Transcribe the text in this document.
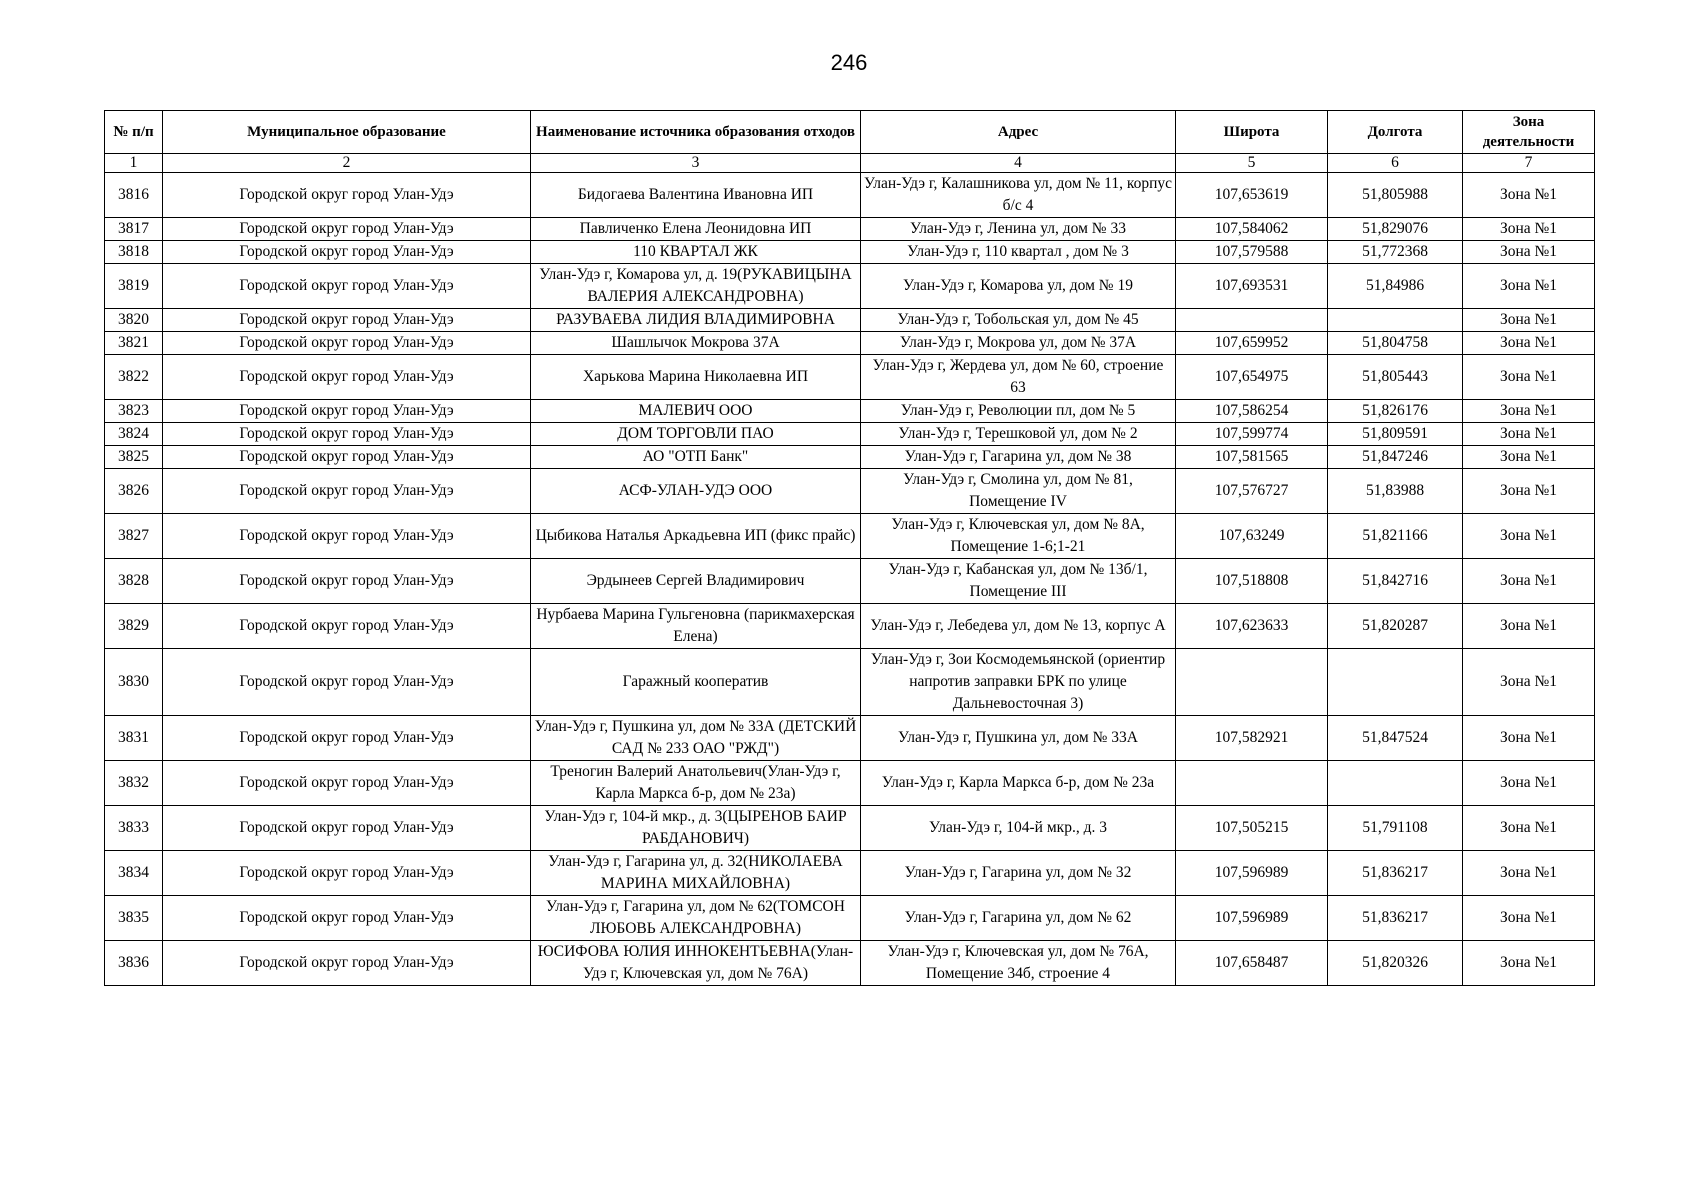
246
№ п/п	Муниципальное образование	Наименование источника образования отходов	Адрес	Широта	Долгота	Зона деятельности
1	2	3	4	5	6	7
3816	Городской округ город Улан-Удэ	Бидогаева Валентина Ивановна ИП	Улан-Удэ г, Калашникова ул, дом № 11, корпус б/с 4	107,653619	51,805988	Зона №1
3817	Городской округ город Улан-Удэ	Павличенко Елена Леонидовна ИП	Улан-Удэ г, Ленина ул, дом № 33	107,584062	51,829076	Зона №1
3818	Городской округ город Улан-Удэ	110 КВАРТАЛ ЖК	Улан-Удэ г, 110 квартал , дом № 3	107,579588	51,772368	Зона №1
3819	Городской округ город Улан-Удэ	Улан-Удэ г, Комарова ул, д. 19(РУКАВИЦЫНА ВАЛЕРИЯ АЛЕКСАНДРОВНА)	Улан-Удэ г, Комарова ул, дом № 19	107,693531	51,84986	Зона №1
3820	Городской округ город Улан-Удэ	РАЗУВАЕВА ЛИДИЯ ВЛАДИМИРОВНА	Улан-Удэ г, Тобольская ул, дом № 45			Зона №1
3821	Городской округ город Улан-Удэ	Шашлычок Мокрова 37А	Улан-Удэ г, Мокрова ул, дом № 37А	107,659952	51,804758	Зона №1
3822	Городской округ город Улан-Удэ	Харькова Марина Николаевна ИП	Улан-Удэ г, Жердева ул, дом № 60, строение 63	107,654975	51,805443	Зона №1
3823	Городской округ город Улан-Удэ	МАЛЕВИЧ ООО	Улан-Удэ г, Революции пл, дом № 5	107,586254	51,826176	Зона №1
3824	Городской округ город Улан-Удэ	ДОМ ТОРГОВЛИ ПАО	Улан-Удэ г, Терешковой ул, дом № 2	107,599774	51,809591	Зона №1
3825	Городской округ город Улан-Удэ	АО "ОТП Банк"	Улан-Удэ г, Гагарина ул, дом № 38	107,581565	51,847246	Зона №1
3826	Городской округ город Улан-Удэ	АСФ-УЛАН-УДЭ ООО	Улан-Удэ г, Смолина ул, дом № 81, Помещение IV	107,576727	51,83988	Зона №1
3827	Городской округ город Улан-Удэ	Цыбикова Наталья Аркадьевна ИП (фикс прайс)	Улан-Удэ г, Ключевская ул, дом № 8А, Помещение 1-6;1-21	107,63249	51,821166	Зона №1
3828	Городской округ город Улан-Удэ	Эрдынеев Сергей Владимирович	Улан-Удэ г, Кабанская ул, дом № 13б/1, Помещение III	107,518808	51,842716	Зона №1
3829	Городской округ город Улан-Удэ	Нурбаева Марина Гульгеновна (парикмахерская Елена)	Улан-Удэ г, Лебедева ул, дом № 13, корпус А	107,623633	51,820287	Зона №1
3830	Городской округ город Улан-Удэ	Гаражный кооператив	Улан-Удэ г, Зои Космодемьянской (ориентир напротив заправки БРК по улице Дальневосточная 3)			Зона №1
3831	Городской округ город Улан-Удэ	Улан-Удэ г, Пушкина ул, дом № 33А (ДЕТСКИЙ САД № 233 ОАО "РЖД")	Улан-Удэ г, Пушкина ул, дом № 33А	107,582921	51,847524	Зона №1
3832	Городской округ город Улан-Удэ	Треногин Валерий Анатольевич(Улан-Удэ г, Карла Маркса б-р, дом № 23а)	Улан-Удэ г, Карла Маркса б-р, дом № 23а			Зона №1
3833	Городской округ город Улан-Удэ	Улан-Удэ г, 104-й мкр., д. 3(ЦЫРЕНОВ БАИР РАБДАНОВИЧ)	Улан-Удэ г, 104-й мкр., д. 3	107,505215	51,791108	Зона №1
3834	Городской округ город Улан-Удэ	Улан-Удэ г, Гагарина ул, д. 32(НИКОЛАЕВА МАРИНА МИХАЙЛОВНА)	Улан-Удэ г, Гагарина ул, дом № 32	107,596989	51,836217	Зона №1
3835	Городской округ город Улан-Удэ	Улан-Удэ г, Гагарина ул, дом № 62(ТОМСОН ЛЮБОВЬ АЛЕКСАНДРОВНА)	Улан-Удэ г, Гагарина ул, дом № 62	107,596989	51,836217	Зона №1
3836	Городской округ город Улан-Удэ	ЮСИФОВА ЮЛИЯ ИННОКЕНТЬЕВНА(Улан-Удэ г, Ключевская ул, дом № 76А)	Улан-Удэ г, Ключевская ул, дом № 76А, Помещение 34б, строение 4	107,658487	51,820326	Зона №1
